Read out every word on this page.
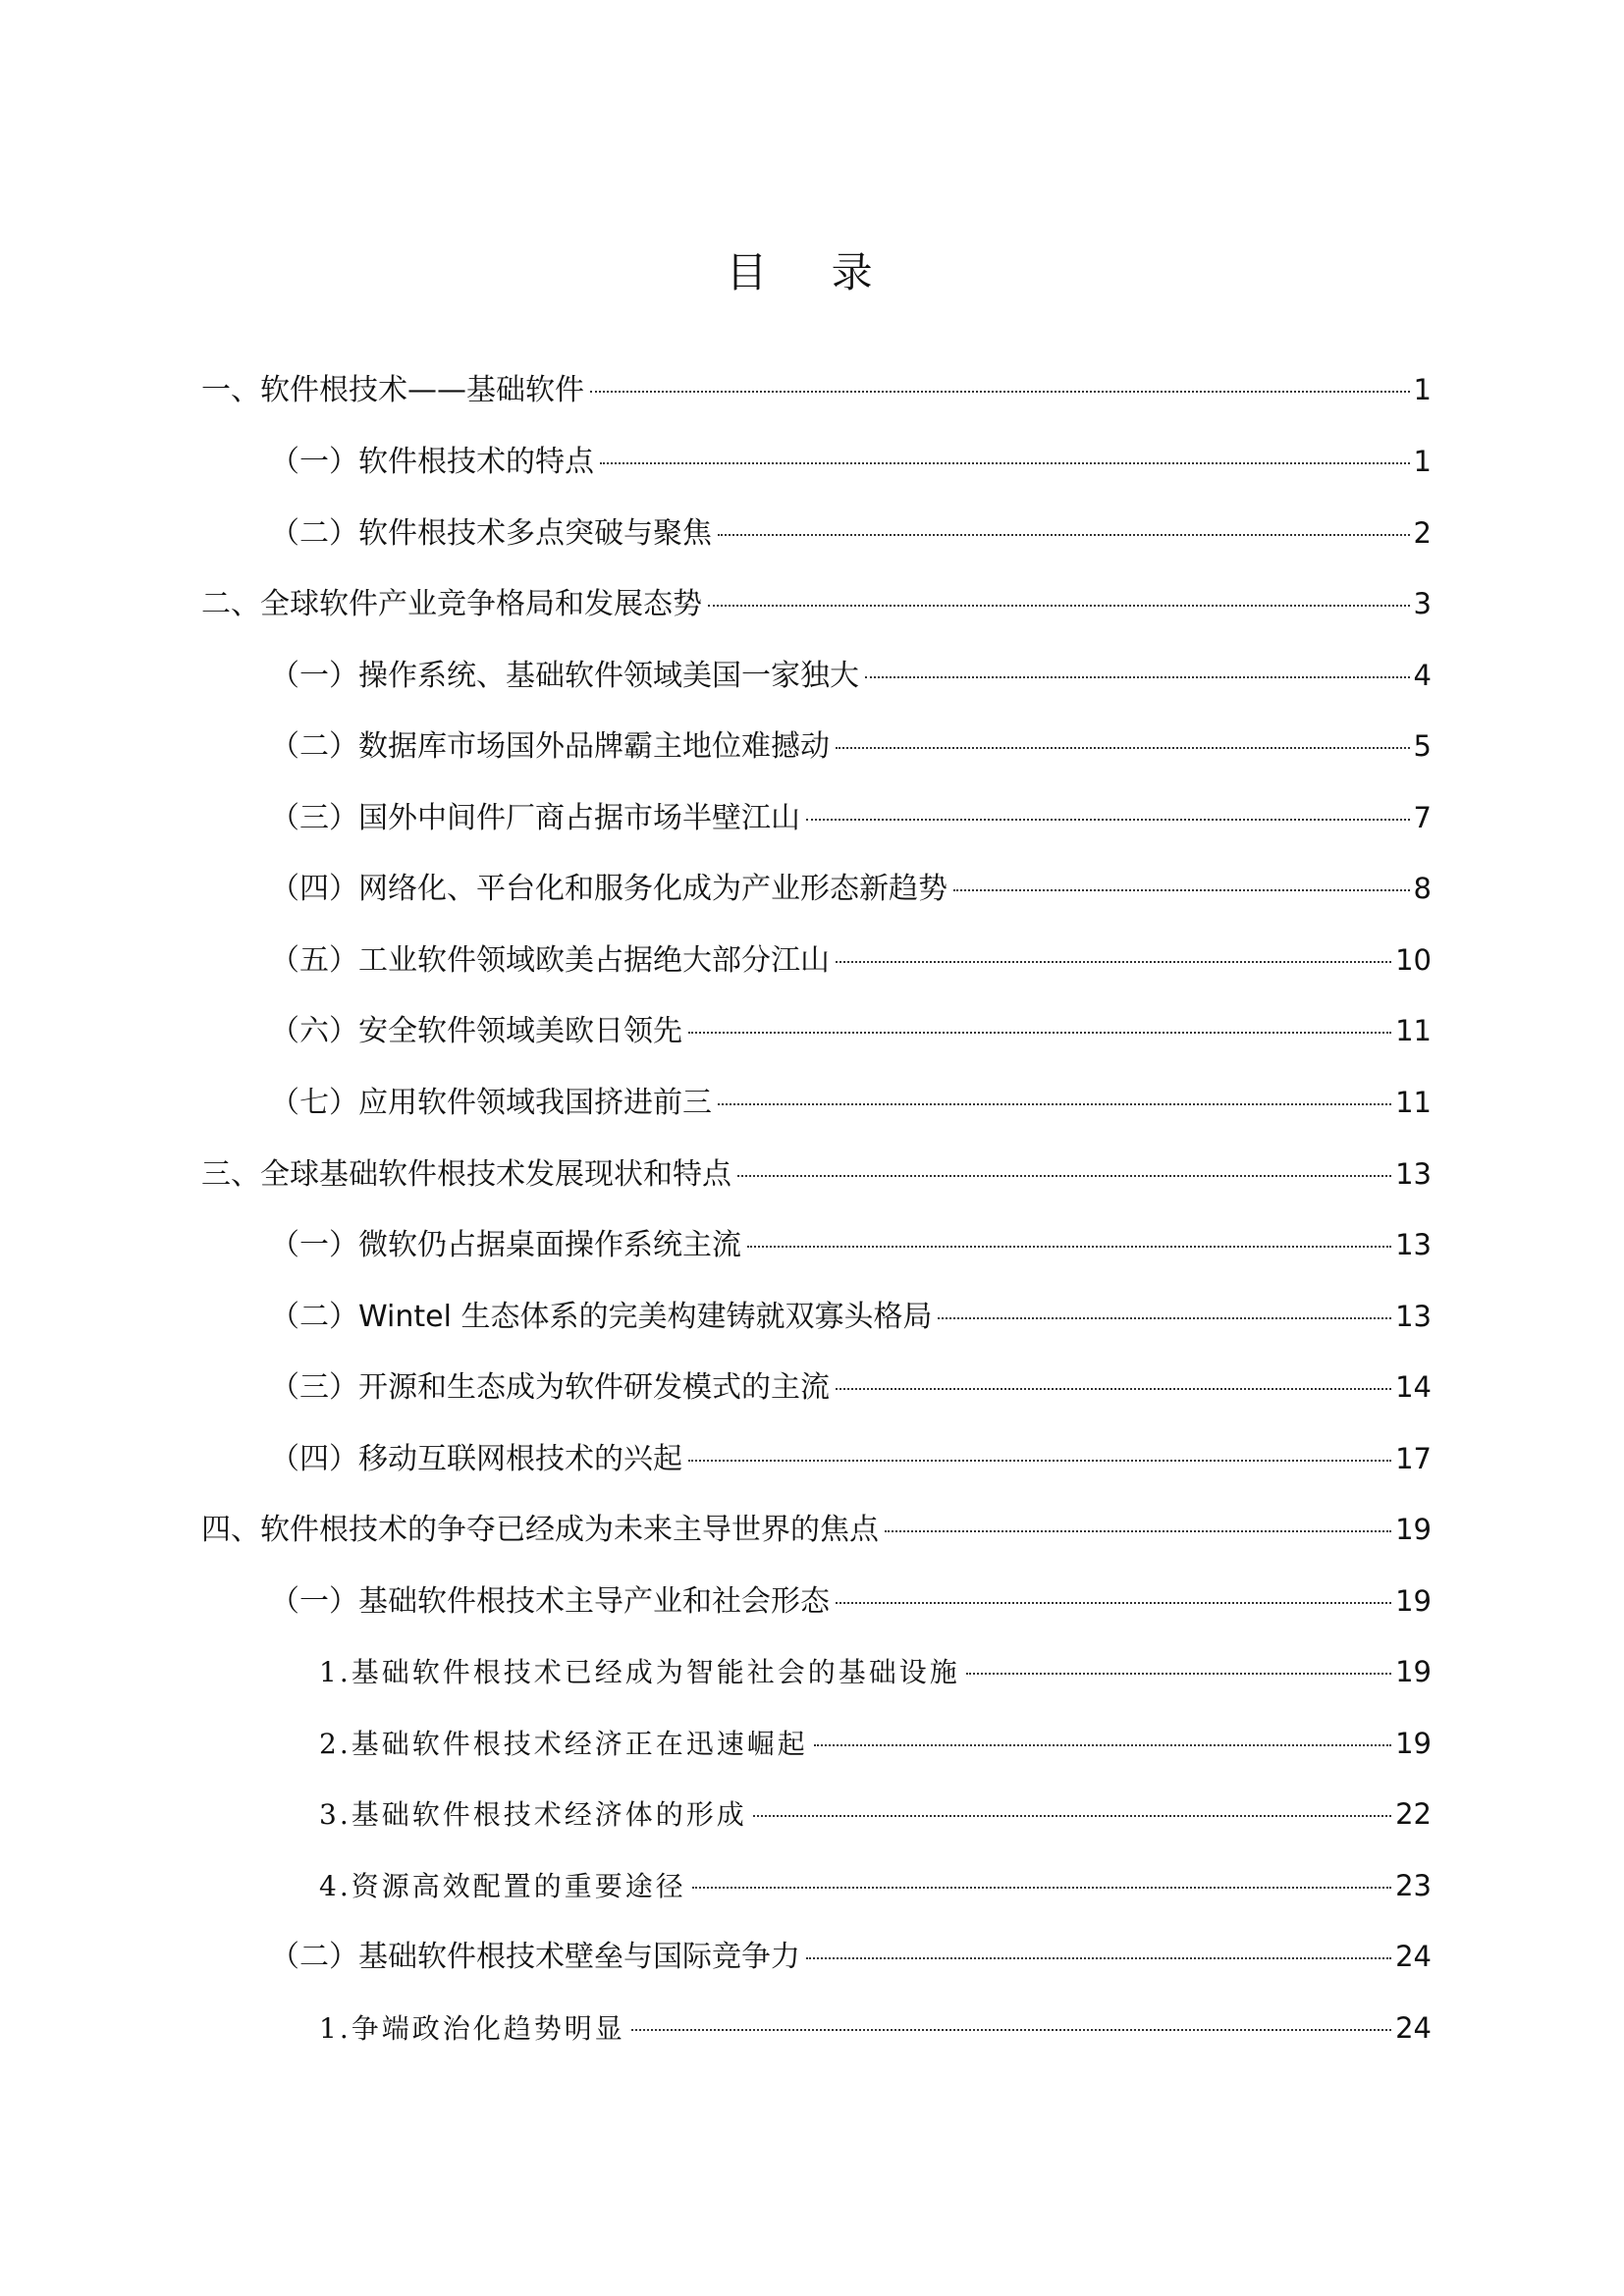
目 录
一、软件根技术——基础软件	1
（一）软件根技术的特点	1
（二）软件根技术多点突破与聚焦	2
二、全球软件产业竞争格局和发展态势	3
（一）操作系统、基础软件领域美国一家独大	4
（二）数据库市场国外品牌霸主地位难撼动	5
（三）国外中间件厂商占据市场半壁江山	7
（四）网络化、平台化和服务化成为产业形态新趋势	8
（五）工业软件领域欧美占据绝大部分江山	10
（六）安全软件领域美欧日领先	11
（七）应用软件领域我国挤进前三	11
三、全球基础软件根技术发展现状和特点	13
（一）微软仍占据桌面操作系统主流	13
（二）Wintel 生态体系的完美构建铸就双寡头格局	13
（三）开源和生态成为软件研发模式的主流	14
（四）移动互联网根技术的兴起	17
四、软件根技术的争夺已经成为未来主导世界的焦点	19
（一）基础软件根技术主导产业和社会形态	19
1.基础软件根技术已经成为智能社会的基础设施	19
2.基础软件根技术经济正在迅速崛起	19
3.基础软件根技术经济体的形成	22
4.资源高效配置的重要途径	23
（二）基础软件根技术壁垒与国际竞争力	24
1.争端政治化趋势明显	24
